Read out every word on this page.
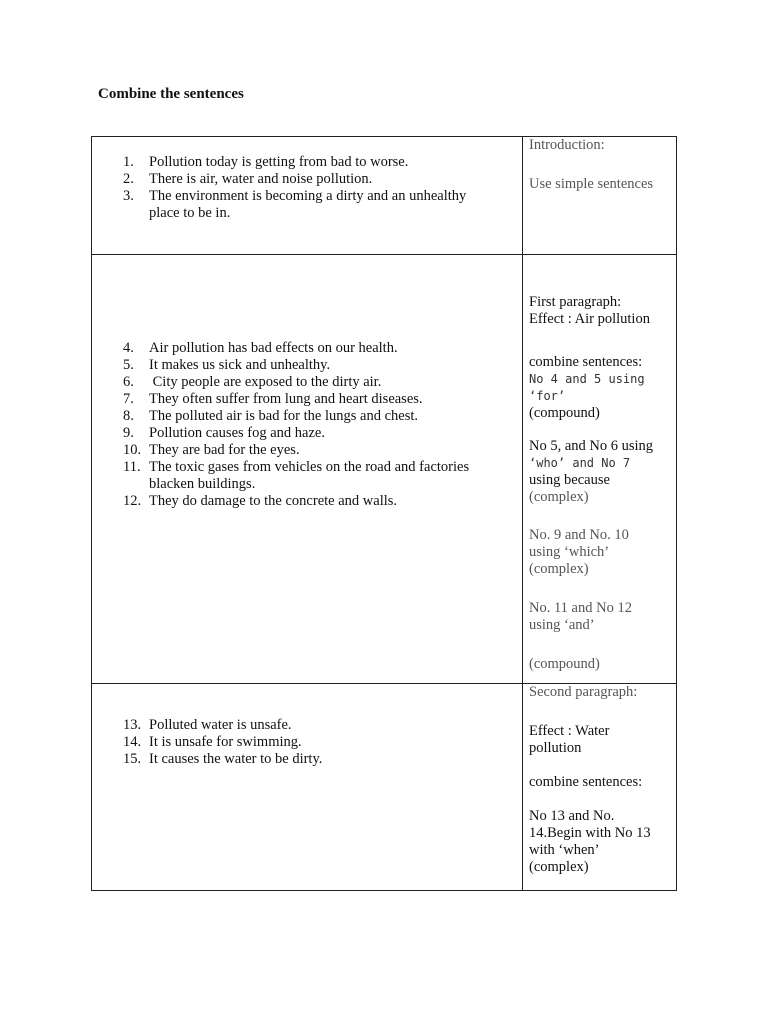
Combine the sentences
1. Pollution today is getting from bad to worse.
2. There is air, water and noise pollution.
3. The environment is becoming a dirty and an unhealthy place to be in.

Introduction:

Use simple sentences

4. Air pollution has bad effects on our health.
5. It makes us sick and unhealthy.
6. City people are exposed to the dirty air.
7. They often suffer from lung and heart diseases.
8. The polluted air is bad for the lungs and chest.
9. Pollution causes fog and haze.
10. They are bad for the eyes.
11. The toxic gases from vehicles on the road and factories blacken buildings.
12. They do damage to the concrete and walls.

First paragraph:

Effect : Air pollution

combine sentences:

No 4 and 5 using ‘for’

(compound)

No 5, and No 6 using

‘who’ and No 7

using because

(complex)

No. 9 and No. 10

using ‘which’

(complex)

No. 11 and No 12

using ‘and’

(compound)

13. Polluted water is unsafe.
14. It is unsafe for swimming.
15. It causes the water to be dirty.

Second paragraph:

Effect : Water pollution

combine sentences:

No 13 and No. 14.Begin with No 13

with ‘when’

(complex)
